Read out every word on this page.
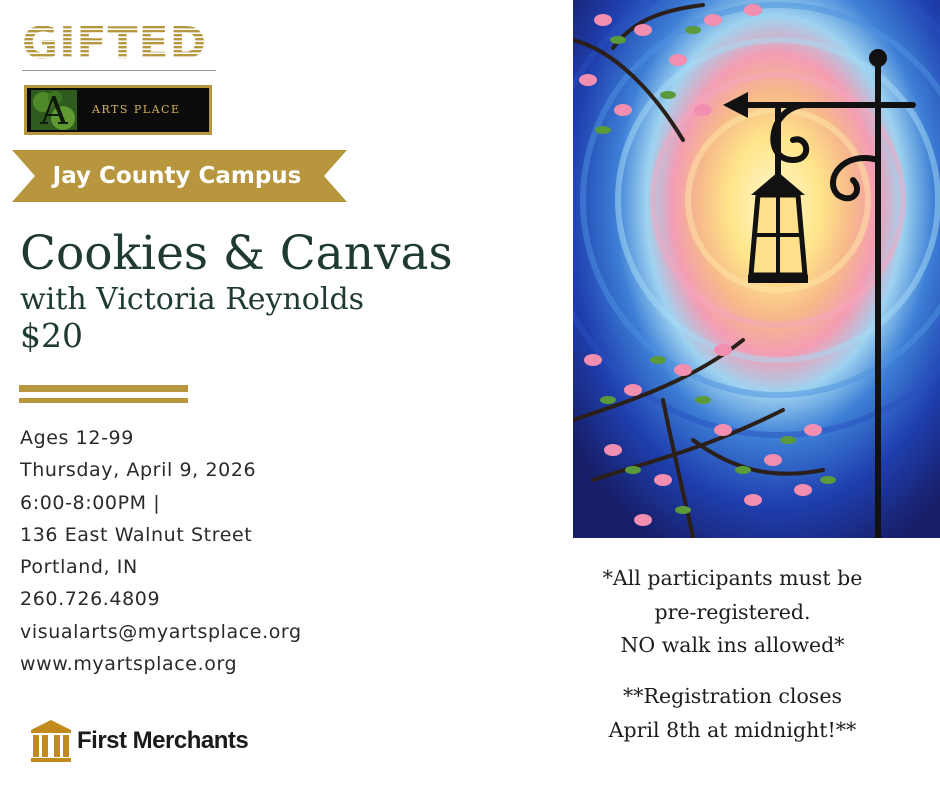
GIFTED
A ARTS PLACE
Jay County Campus
Cookies & Canvas
with Victoria Reynolds
$20
Ages 12-99
Thursday, April 9, 2026
6:00-8:00PM |
136 East Walnut Street
Portland, IN
260.726.4809
visualarts@myartsplace.org
www.myartsplace.org
First Merchants
*All participants must be
pre-registered.
NO walk ins allowed*
**Registration closes
April 8th at midnight!**
